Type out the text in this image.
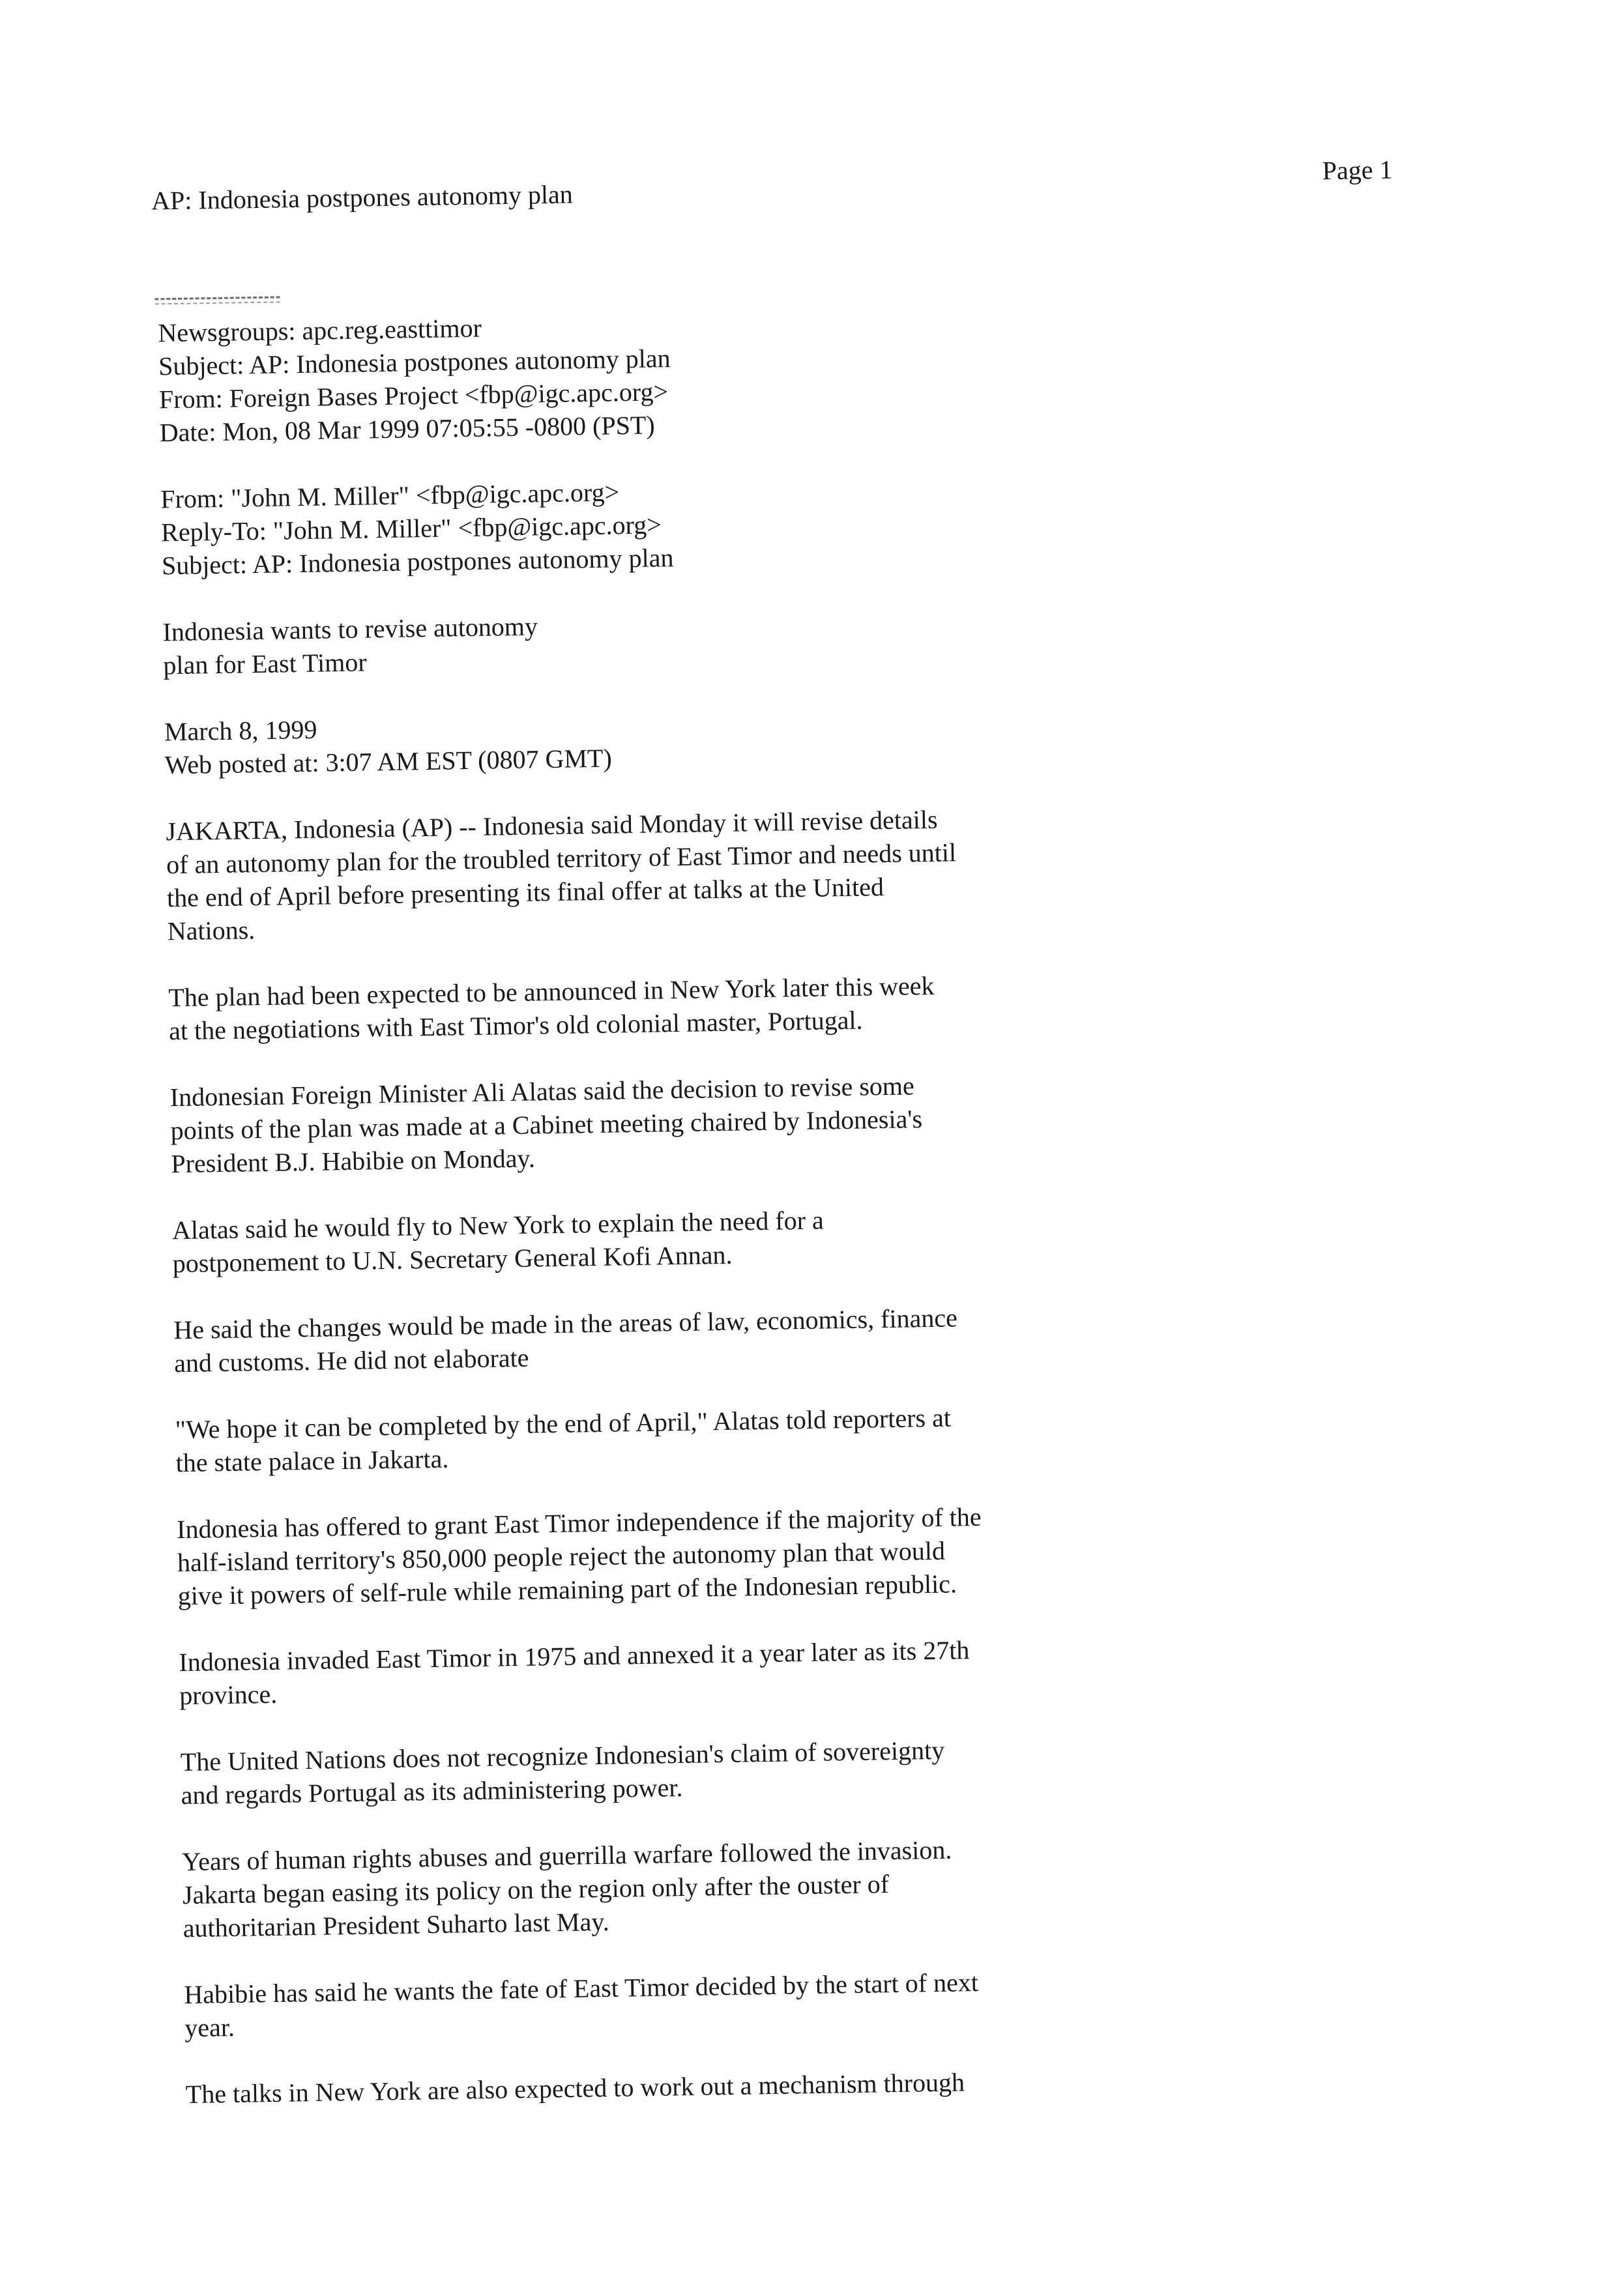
AP: Indonesia postpones autonomy plan
Page 1
Newsgroups: apc.reg.easttimor
Subject: AP: Indonesia postpones autonomy plan
From: Foreign Bases Project <fbp@igc.apc.org>
Date: Mon, 08 Mar 1999 07:05:55 -0800 (PST)
From: "John M. Miller" <fbp@igc.apc.org>
Reply-To: "John M. Miller" <fbp@igc.apc.org>
Subject: AP: Indonesia postpones autonomy plan
Indonesia wants to revise autonomy
plan for East Timor
March 8, 1999
Web posted at: 3:07 AM EST (0807 GMT)
JAKARTA, Indonesia (AP) -- Indonesia said Monday it will revise details
of an autonomy plan for the troubled territory of East Timor and needs until
the end of April before presenting its final offer at talks at the United
Nations.
The plan had been expected to be announced in New York later this week
at the negotiations with East Timor's old colonial master, Portugal.
Indonesian Foreign Minister Ali Alatas said the decision to revise some
points of the plan was made at a Cabinet meeting chaired by Indonesia's
President B.J. Habibie on Monday.
Alatas said he would fly to New York to explain the need for a
postponement to U.N. Secretary General Kofi Annan.
He said the changes would be made in the areas of law, economics, finance
and customs. He did not elaborate
"We hope it can be completed by the end of April," Alatas told reporters at
the state palace in Jakarta.
Indonesia has offered to grant East Timor independence if the majority of the
half-island territory's 850,000 people reject the autonomy plan that would
give it powers of self-rule while remaining part of the Indonesian republic.
Indonesia invaded East Timor in 1975 and annexed it a year later as its 27th
province.
The United Nations does not recognize Indonesian's claim of sovereignty
and regards Portugal as its administering power.
Years of human rights abuses and guerrilla warfare followed the invasion.
Jakarta began easing its policy on the region only after the ouster of
authoritarian President Suharto last May.
Habibie has said he wants the fate of East Timor decided by the start of next
year.
The talks in New York are also expected to work out a mechanism through
